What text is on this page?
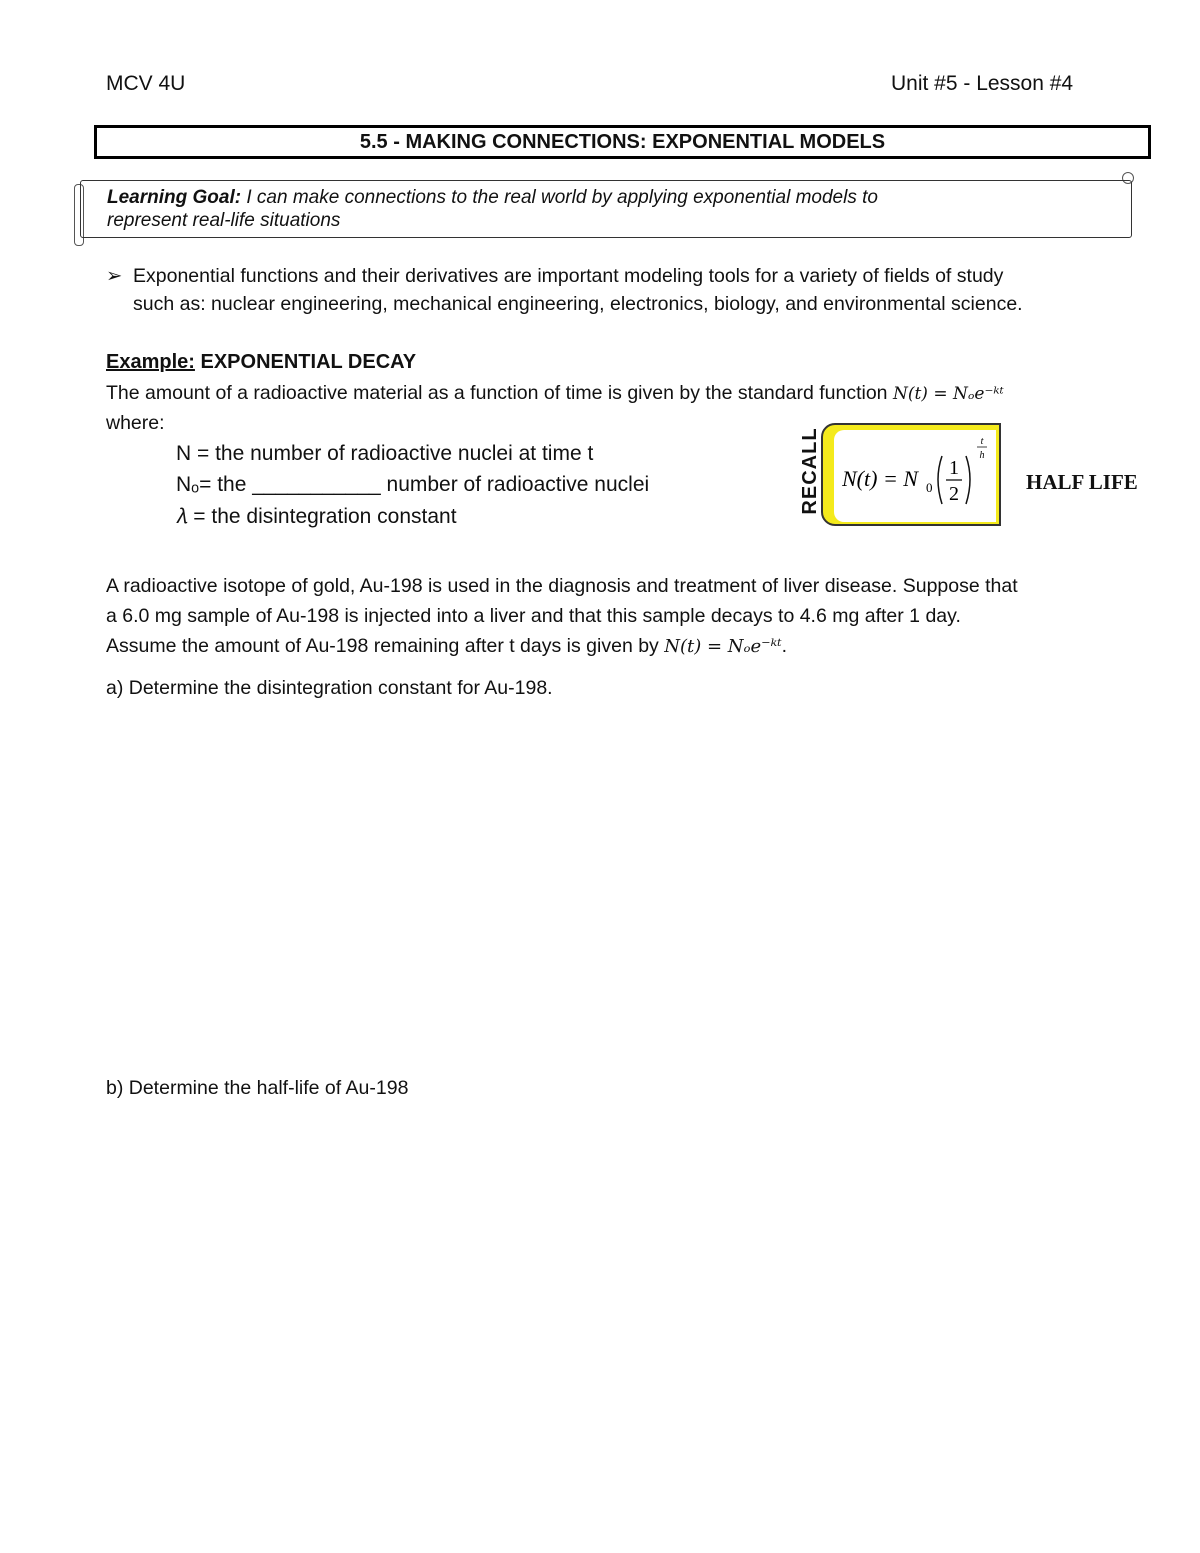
MCV 4U	Unit #5 - Lesson #4
5.5 - MAKING CONNECTIONS: EXPONENTIAL MODELS
Learning Goal: I can make connections to the real world by applying exponential models to
represent real-life situations
➢ Exponential functions and their derivatives are important modeling tools for a variety of fields of study
such as: nuclear engineering, mechanical engineering, electronics, biology, and environmental science.
Example: EXPONENTIAL DECAY
The amount of a radioactive material as a function of time is given by the standard function N(t) = Nₒe⁻ᵏᵗ
where:
N = the number of radioactive nuclei at time t
Nₒ= the ___________ number of radioactive nuclei
𝜆 = the disintegration constant
RECALL N(t) = N 0
1
2
t
h
HALF LIFE
A radioactive isotope of gold, Au-198 is used in the diagnosis and treatment of liver disease. Suppose that
a 6.0 mg sample of Au-198 is injected into a liver and that this sample decays to 4.6 mg after 1 day.
Assume the amount of Au-198 remaining after t days is given by N(t) = Nₒe⁻ᵏᵗ.
a) Determine the disintegration constant for Au-198.
b) Determine the half-life of Au-198
